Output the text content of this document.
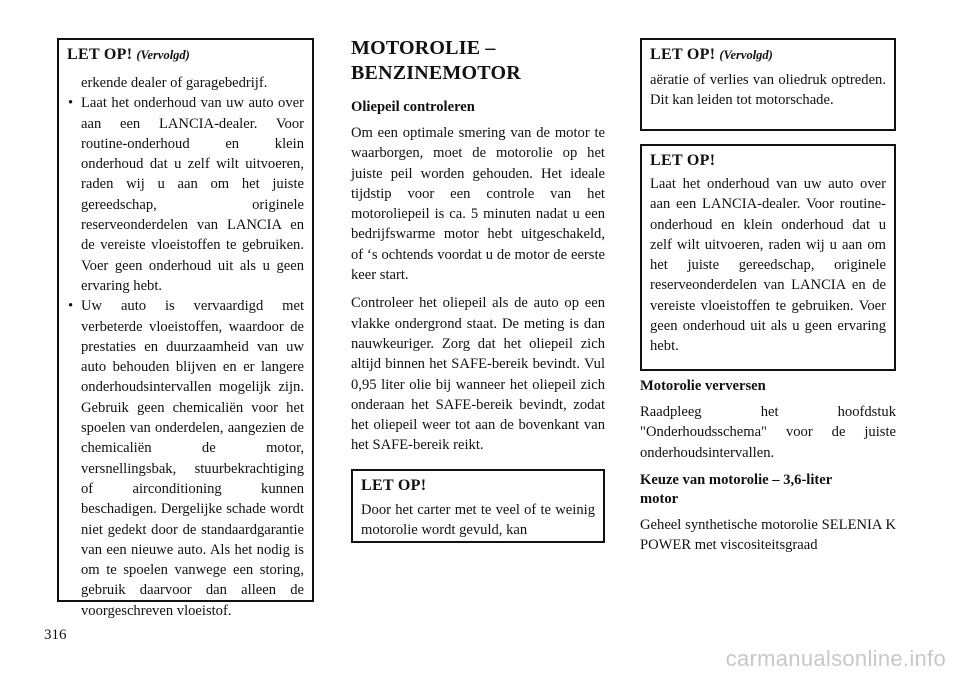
LET OP! (Vervolgd)

erkende dealer of garagebedrijf.

• Laat het onderhoud van uw auto over aan een LANCIA-dealer. Voor routine-onderhoud en klein onderhoud dat u zelf wilt uitvoeren, raden wij u aan om het juiste gereedschap, originele reserveonderdelen van LANCIA en de vereiste vloeistoffen te gebruiken. Voer geen onderhoud uit als u geen ervaring hebt.
• Uw auto is vervaardigd met verbeterde vloeistoffen, waardoor de prestaties en duurzaamheid van uw auto behouden blijven en er langere onderhoudsintervallen mogelijk zijn. Gebruik geen chemicaliën voor het spoelen van onderdelen, aangezien de chemicaliën de motor, versnellingsbak, stuurbekrachtiging of airconditioning kunnen beschadigen. Dergelijke schade wordt niet gedekt door de standaardgarantie van een nieuwe auto. Als het nodig is om te spoelen vanwege een storing, gebruik daarvoor dan alleen de voorgeschreven vloeistof.
MOTOROLIE –
BENZINEMOTOR
Oliepeil controleren

Om een optimale smering van de motor te waarborgen, moet de motorolie op het juiste peil worden gehouden. Het ideale tijdstip voor een controle van het motoroliepeil is ca. 5 minuten nadat u een bedrijfswarme motor hebt uitgeschakeld, of ‘s ochtends voordat u de motor de eerste keer start.

Controleer het oliepeil als de auto op een vlakke ondergrond staat. De meting is dan nauwkeuriger. Zorg dat het oliepeil zich altijd binnen het SAFE-bereik bevindt. Vul 0,95 liter olie bij wanneer het oliepeil zich onderaan het SAFE-bereik bevindt, zodat het oliepeil weer tot aan de bovenkant van het SAFE-bereik reikt.

LET OP!

Door het carter met te veel of te weinig motorolie wordt gevuld, kan

LET OP! (Vervolgd)

aëratie of verlies van oliedruk optreden. Dit kan leiden tot motorschade.

LET OP!

Laat het onderhoud van uw auto over aan een LANCIA-dealer. Voor routine-onderhoud en klein onderhoud dat u zelf wilt uitvoeren, raden wij u aan om het juiste gereedschap, originele reserveonderdelen van LANCIA en de vereiste vloeistoffen te gebruiken. Voer geen onderhoud uit als u geen ervaring hebt.

Motorolie verversen

Raadpleeg het hoofdstuk "Onderhoudsschema" voor de juiste onderhoudsintervallen.

Keuze van motorolie – 3,6-liter motor

Geheel synthetische motorolie SELENIA K POWER met viscositeitsgraad

316
carmanualsonline.info
